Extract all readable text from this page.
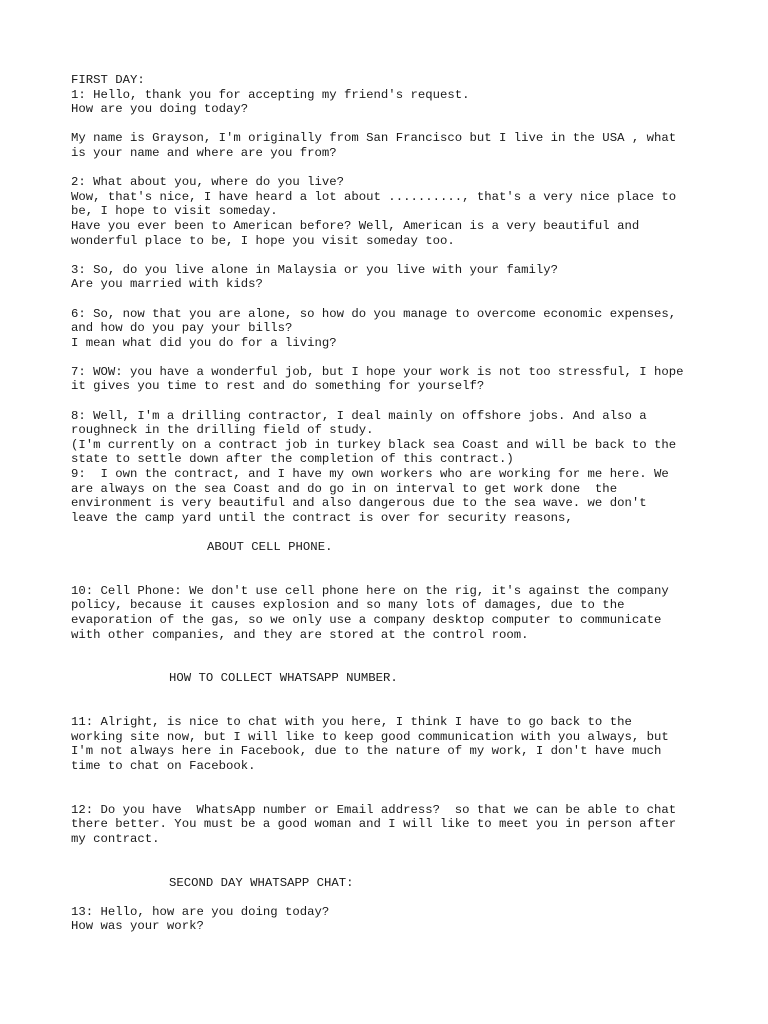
FIRST DAY:
1: Hello, thank you for accepting my friend's request.
How are you doing today?
My name is Grayson, I'm originally from San Francisco but I live in the USA , what
is your name and where are you from?
2: What about you, where do you live?
Wow, that's nice, I have heard a lot about .........., that's a very nice place to
be, I hope to visit someday.
Have you ever been to American before? Well, American is a very beautiful and
wonderful place to be, I hope you visit someday too.
3: So, do you live alone in Malaysia or you live with your family?
Are you married with kids?
6: So, now that you are alone, so how do you manage to overcome economic expenses,
and how do you pay your bills?
I mean what did you do for a living?
7: WOW: you have a wonderful job, but I hope your work is not too stressful, I hope
it gives you time to rest and do something for yourself?
8: Well, I'm a drilling contractor, I deal mainly on offshore jobs. And also a
roughneck in the drilling field of study.
(I'm currently on a contract job in turkey black sea Coast and will be back to the
state to settle down after the completion of this contract.)
9:  I own the contract, and I have my own workers who are working for me here. We
are always on the sea Coast and do go in on interval to get work done  the
environment is very beautiful and also dangerous due to the sea wave. we don't
leave the camp yard until the contract is over for security reasons,
ABOUT CELL PHONE.
10: Cell Phone: We don't use cell phone here on the rig, it's against the company
policy, because it causes explosion and so many lots of damages, due to the
evaporation of the gas, so we only use a company desktop computer to communicate
with other companies, and they are stored at the control room.
HOW TO COLLECT WHATSAPP NUMBER.
11: Alright, is nice to chat with you here, I think I have to go back to the
working site now, but I will like to keep good communication with you always, but
I'm not always here in Facebook, due to the nature of my work, I don't have much
time to chat on Facebook.
12: Do you have  WhatsApp number or Email address?  so that we can be able to chat
there better. You must be a good woman and I will like to meet you in person after
my contract.
SECOND DAY WHATSAPP CHAT:
13: Hello, how are you doing today?
How was your work?
